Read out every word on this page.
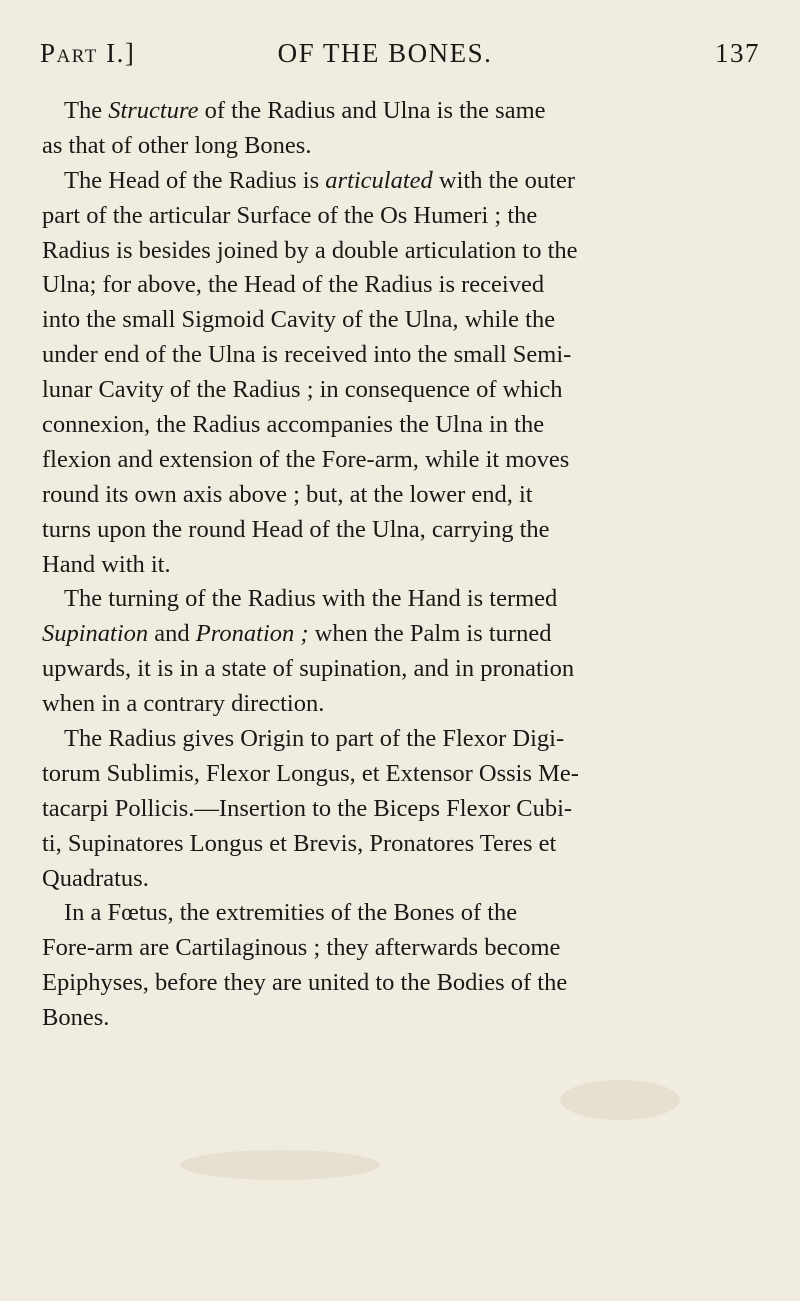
Part I.]	OF THE BONES.	137
The Structure of the Radius and Ulna is the same
as that of other long Bones.
The Head of the Radius is articulated with the outer
part of the articular Surface of the Os Humeri ; the
Radius is besides joined by a double articulation to the
Ulna; for above, the Head of the Radius is received
into the small Sigmoid Cavity of the Ulna, while the
under end of the Ulna is received into the small Semi-
lunar Cavity of the Radius ; in consequence of which
connexion, the Radius accompanies the Ulna in the
flexion and extension of the Fore-arm, while it moves
round its own axis above ; but, at the lower end, it
turns upon the round Head of the Ulna, carrying the
Hand with it.
The turning of the Radius with the Hand is termed
Supination and Pronation ; when the Palm is turned
upwards, it is in a state of supination, and in pronation
when in a contrary direction.
The Radius gives Origin to part of the Flexor Digi-
torum Sublimis, Flexor Longus, et Extensor Ossis Me-
tacarpi Pollicis.—Insertion to the Biceps Flexor Cubi-
ti, Supinatores Longus et Brevis, Pronatores Teres et
Quadratus.
In a Fœtus, the extremities of the Bones of the
Fore-arm are Cartilaginous ; they afterwards become
Epiphyses, before they are united to the Bodies of the
Bones.
